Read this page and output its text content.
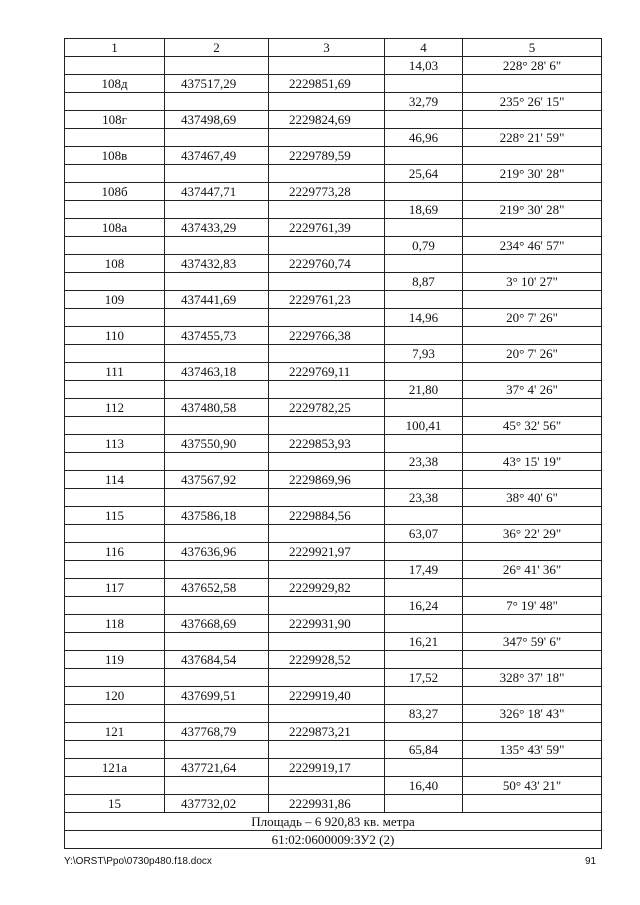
1	2	3	4	5
			14,03	228° 28' 6"
108д	437517,29	2229851,69		
			32,79	235° 26' 15"
108г	437498,69	2229824,69		
			46,96	228° 21' 59"
108в	437467,49	2229789,59		
			25,64	219° 30' 28"
108б	437447,71	2229773,28		
			18,69	219° 30' 28"
108а	437433,29	2229761,39		
			0,79	234° 46' 57"
108	437432,83	2229760,74		
			8,87	3° 10' 27"
109	437441,69	2229761,23		
			14,96	20° 7' 26"
110	437455,73	2229766,38		
			7,93	20° 7' 26"
111	437463,18	2229769,11		
			21,80	37° 4' 26"
112	437480,58	2229782,25		
			100,41	45° 32' 56"
113	437550,90	2229853,93		
			23,38	43° 15' 19"
114	437567,92	2229869,96		
			23,38	38° 40' 6"
115	437586,18	2229884,56		
			63,07	36° 22' 29"
116	437636,96	2229921,97		
			17,49	26° 41' 36"
117	437652,58	2229929,82		
			16,24	7° 19' 48"
118	437668,69	2229931,90		
			16,21	347° 59' 6"
119	437684,54	2229928,52		
			17,52	328° 37' 18"
120	437699,51	2229919,40		
			83,27	326° 18' 43"
121	437768,79	2229873,21		
			65,84	135° 43' 59"
121а	437721,64	2229919,17		
			16,40	50° 43' 21"
15	437732,02	2229931,86		
Площадь – 6 920,83 кв. метра				
61:02:0600009:ЗУ2 (2)				
Y:\ORST\Ppo\0730p480.f18.docx	91
